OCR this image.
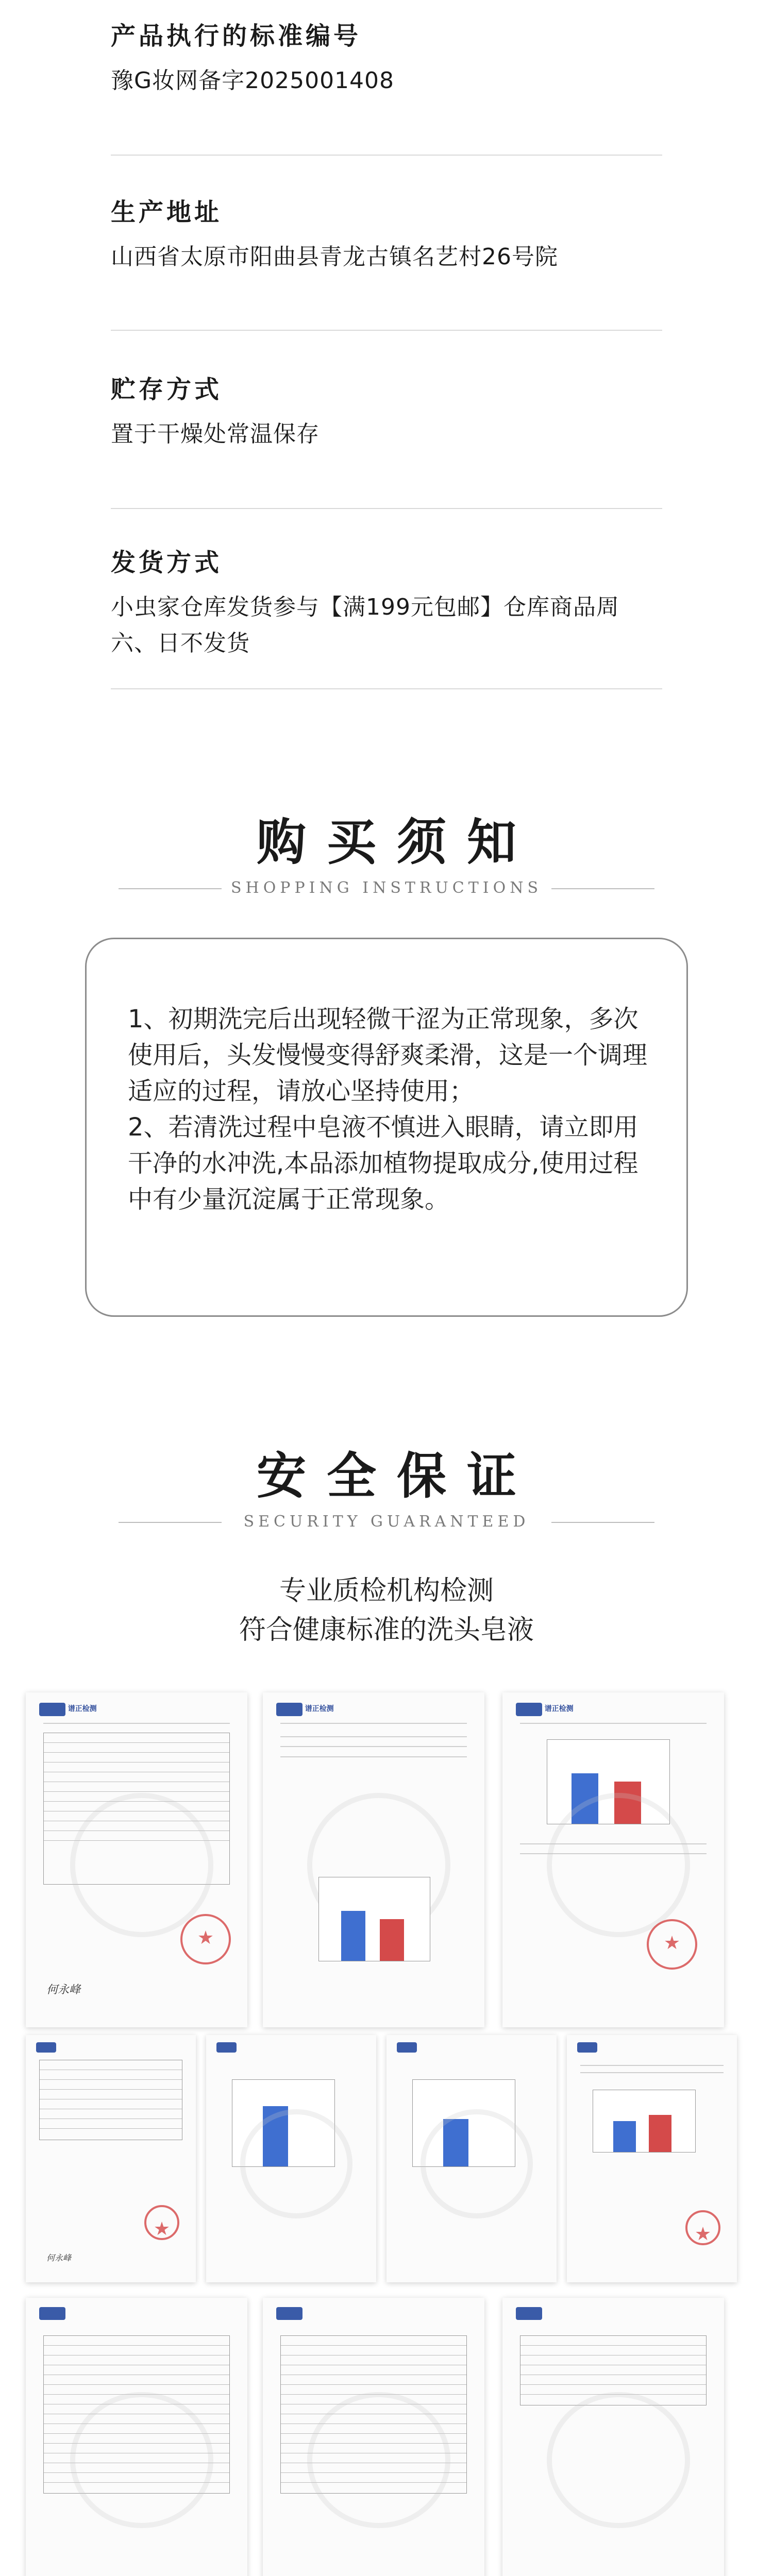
产品执行的标准编号
豫G妆网备字2025001408
生产地址
山西省太原市阳曲县青龙古镇名艺村26号院
贮存方式
置于干燥处常温保存
发货方式
小虫家仓库发货参与【满199元包邮】仓库商品周六、日不发货
购买须知
SHOPPING INSTRUCTIONS

1、初期洗完后出现轻微干涩为正常现象，多次使用后，头发慢慢变得舒爽柔滑，这是一个调理适应的过程，请放心坚持使用；

2、若清洗过程中皂液不慎进入眼睛，请立即用干净的水冲洗,本品添加植物提取成分,使用过程中有少量沉淀属于正常现象。

安全保证
SECURITY GUARANTEED
专业质检机构检测
符合健康标准的洗头皂液
谱正检测
★
何永峰
谱正检测	谱正检测
★
何永峰
★
★
